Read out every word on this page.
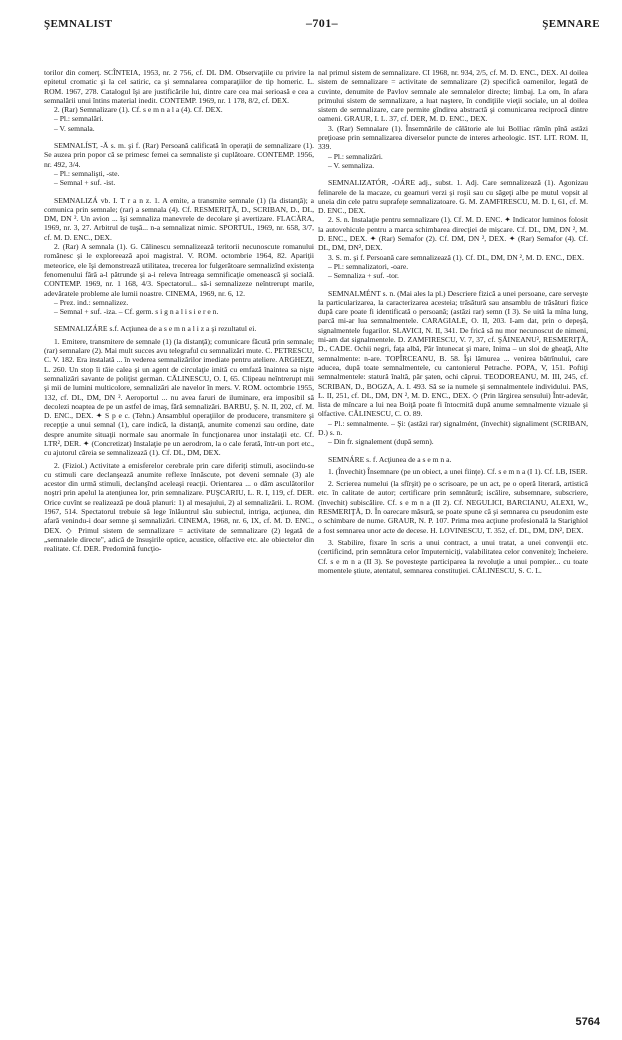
ŞEMNALIST	–701–	ŞEMNARE

torilor din comerţ. SCÎNTEIA, 1953, nr. 2 756, cf. DL DM. Observaţiile cu privire la epitetul cromatic şi la cel satiric, ca şi semnalarea comparaţiilor de tip homeric. L. ROM. 1967, 278. Catalogul îşi are justificările lui, dintre care cea mai serioasă e cea a semnalării unui întins material inedit. CONTEMP. 1969, nr. 1 178, 8/2, cf. DEX.

2. (Rar) Semnalizare (1). Cf. s e m n a l a (4). Cf. DEX.

– Pl.: semnalări.

– V. semnala.

SEMNALÍST, -Ă s. m. şi f. (Rar) Persoană calificată în operaţii de semnalizare (1). Se auzea prin popor că se primesc femei ca semnaliste şi cuplătoare. CONTEMP. 1956, nr. 492, 3/4.

– Pl.: semnalişti, -ste.

– Semnal + suf. -ist.

SEMNALIZÁ vb. I. T r a n z. 1. A emite, a transmite semnale (1) (la distanţă); a comunica prin semnale; (rar) a semnala (4). Cf. RESMERIŢĂ, D., SCRIBAN, D., DL, DM, DN ². Un avion ... îşi semnaliza manevrele de decolare şi avertizare. FLACĂRA, 1969, nr. 3, 27. Arbitrul de tuşă... n-a semnalizat nimic. SPORTUL, 1969, nr. 658, 3/7, cf. M. D. ENC., DEX.

2. (Rar) A semnala (1). G. Călinescu semnalizează teritorii necunoscute romanului românesc şi le exploreează apoi magistral. V. ROM. octombrie 1964, 82. Apariţii meteorice, ele îşi demonstrează utilitatea, trecerea lor fulgerătoare semnalizînd existenţa fenomenului fără a-l pătrunde şi a-i releva întreaga semnificaţie omenească şi socială. CONTEMP. 1969, nr. 1 168, 4/3. Spectatorul... să-i semnalizeze neîntrerupt marile, adevăratele probleme ale lumii noastre. CINEMA, 1969, nr. 6, 12.

– Prez. ind.: semnalizez.

– Semnal + suf. -iza. – Cf. germ. s i g n a l i s i e r e n.

SEMNALIZÁRE s.f. Acţiunea de a s e m n a l i z a şi rezultatul ei.

1. Emitere, transmitere de semnale (1) (la distanţă); comunicare făcută prin semnale; (rar) semnalare (2). Mai mult succes avu telegraful cu semnalizări mute. C. PETRESCU, C. V. 182. Era instalată ... în vederea semnalizărilor imediate pentru ateliere. ARGHEZI, L. 260. Un stop îi tăie calea şi un agent de circulaţie imită cu emfază înaintea sa nişte semnalizări savante de poliţist german. CĂLINESCU, O. I, 65. Clipeau neîntrerupt mii şi mii de lumini multicolore, semnalizări ale navelor în mers. V. ROM. octombrie 1955, 132, cf. DL, DM, DN ². Aeroportul ... nu avea faruri de iluminare, era imposibil să decolezi noaptea de pe un astfel de imaş, fără semnalizări. BARBU, Ş. N. II, 202, cf. M. D. ENC., DEX. ✦ S p e c. (Tehn.) Ansamblul operaţiilor de producere, transmitere şi recepţie a unui semnal (1), care indică, la distanţă, anumite comenzi sau ordine, date despre anumite situaţii normale sau anormale în funcţionarea unor instalaţii etc. Cf. LTR², DER. ✦ (Concretizat) Instalaţie pe un aerodrom, la o cale ferată, într-un port etc., cu ajutorul căreia se semnalizează (1). Cf. DL, DM, DEX.

2. (Fiziol.) Activitate a emisferelor cerebrale prin care diferiţi stimuli, asociindu-se cu stimuli care declanşează anumite reflexe înnăscute, pot deveni semnale (3) ale acestor din urmă stimuli, declanşînd aceleaşi reacţii. Orientarea ... o dăm asculătorilor noştri prin apelul la atenţiunea lor, prin semnalizare. PUŞCARIU, L. R. I, 119, cf. DER. Orice cuvînt se realizează pe două planuri: 1) al mesajului, 2) al semnalizării. L. ROM. 1967, 514. Spectatorul trebuie să lege înlăuntrul său subiectul, intriga, acţiunea, din afară venindu-i doar semne şi semnalizări. CINEMA, 1968, nr. 6, IX, cf. M. D. ENC., DEX. ◇ Primul sistem de semnalizare = activitate de semnalizare (2) legată de „semnalele directe", adică de însuşirile optice, acustice, olfactive etc. ale obiectelor din realitate. Cf. DER. Predomină funcţio-

nal primul sistem de semnalizare. CI 1968, nr. 934, 2/5, cf. M. D. ENC., DEX. Al doilea sistem de semnalizare = activitate de semnalizare (2) specifică oamenilor, legată de cuvinte, denumite de Pavlov semnale ale semnalelor directe; limbaj. La om, în afara primului sistem de semnalizare, a luat naştere, în condiţiile vieţii sociale, un al doilea sistem de semnalizare, care permite gîndirea abstractă şi comunicarea reciprocă dintre oameni. GRAUR, I. L. 37, cf. DER, M. D. ENC., DEX.

3. (Rar) Semnalare (1). Însemnările de călătorie ale lui Bolliac rămîn pînă astăzi preţioase prin semnalizarea diverselor puncte de interes arheologic. IST. LIT. ROM. II, 339.

– Pl.: semnalizări.

– V. semnaliza.

SEMNALIZATÓR, -OÁRE adj., subst. 1. Adj. Care semnalizează (1). Agonizau felinarele de la macaze, cu geamuri verzi şi roşii sau cu săgeţi albe pe mutul vopsit al uneia din cele patru suprafeţe semnalizatoare. G. M. ZAMFIRESCU, M. D. I, 61, cf. M. D. ENC., DEX.

2. S. n. Instalaţie pentru semnalizare (1). Cf. M. D. ENC. ✦ Indicator luminos folosit la autovehicule pentru a marca schimbarea direcţiei de mişcare. Cf. DL, DM, DN ², M. D. ENC., DEX. ✦ (Rar) Semafor (2). Cf. DM, DN ², DEX. ✦ (Rar) Semafor (4). Cf. DL, DM, DN², DEX.

3. S. m. şi f. Persoană care semnalizează (1). Cf. DL, DM, DN ², M. D. ENC., DEX.

– Pl.: semnalizatori, -oare.

– Semnaliza + suf. -tor.

SEMNALMÉNT s. n. (Mai ales la pl.) Descriere fizică a unei persoane, care serveşte la particularizarea, la caracterizarea acesteia; trăsătură sau ansamblu de trăsături fizice după care poate fi identificată o persoană; (astăzi rar) semn (I 3). Se uită la mîna lung, parcă mi-ar lua semnalmentele. CARAGIALE, O. II, 203. I-am dat, prin o depeşă, signalmentele fugarilor. SLAVICI, N. II, 341. De frică să nu mor necunoscut de nimeni, mi-am dat signalmentele. D. ZAMFIRESCU, V. 7, 37, cf. ŞĂINEANU², RESMERIŢĂ, D., CADE. Ochii negri, faţa albă, Păr întunecat şi mare, Inima – un sloi de gheaţă, Alte semnalmente: n-are. TOPÎRCEANU, B. 58. Îşi lămurea ... venirea bătrînului, care aducea, după toate semnalmentele, cu cantonierul Petrache. POPA, V, 151. Poftiţi semnalmentele: statură înaltă, păr şaten, ochi căprui. TEODOREANU, M. III, 245, cf. SCRIBAN, D., BOGZA, A. I. 493. Să se ia numele şi semnalmentele individului. PAS, L. II, 251, cf. DL, DM, DN ², M. D. ENC., DEX. ◇ (Prin lărgirea sensului) Într-adevăr, lista de mîncare a lui nea Boiţă poate fi întocmită după anume semnalmente vizuale şi olfactive. CĂLINESCU, C. O. 89.

– Pl.: semnalmente. – Şi: (astăzi rar) signalmént, (învechit) signaliment (SCRIBAN, D.) s. n.

– Din fr. signalement (după semn).

SEMNÁRE s. f. Acţiunea de a s e m n a.

1. (Învechit) Însemnare (pe un obiect, a unei fiinţe). Cf. s e m n a (I 1). Cf. LB, ISER.

2. Scrierea numelui (la sfîrşit) pe o scrisoare, pe un act, pe o operă literară, artistică etc. în calitate de autor; certificare prin semnătură; iscălire, subsemnare, subscriere, (învechit) subiscălire. Cf. s e m n a (II 2). Cf. NEGULICI, BARCIANU, ALEXI, W., RESMERIŢĂ, D. În oarecare măsură, se poate spune că şi semnarea cu pseudonim este o schimbare de nume. GRAUR, N. P. 107. Prima mea acţiune profesională la Starighiol a fost semnarea unor acte de decese. H. LOVINESCU, T. 352, cf. DL, DM, DN², DEX.

3. Stabilire, fixare în scris a unui contract, a unui tratat, a unei convenţii etc. (certificind, prin semnătura celor împuterniciţi, valabilitatea celor convenite); încheiere. Cf. s e m n a (II 3). Se povesteşte participarea la revoluţie a unui pompier... cu toate momentele ştiute, atentatul, semnarea constituţiei. CĂLINESCU, S. C. L.

5764
